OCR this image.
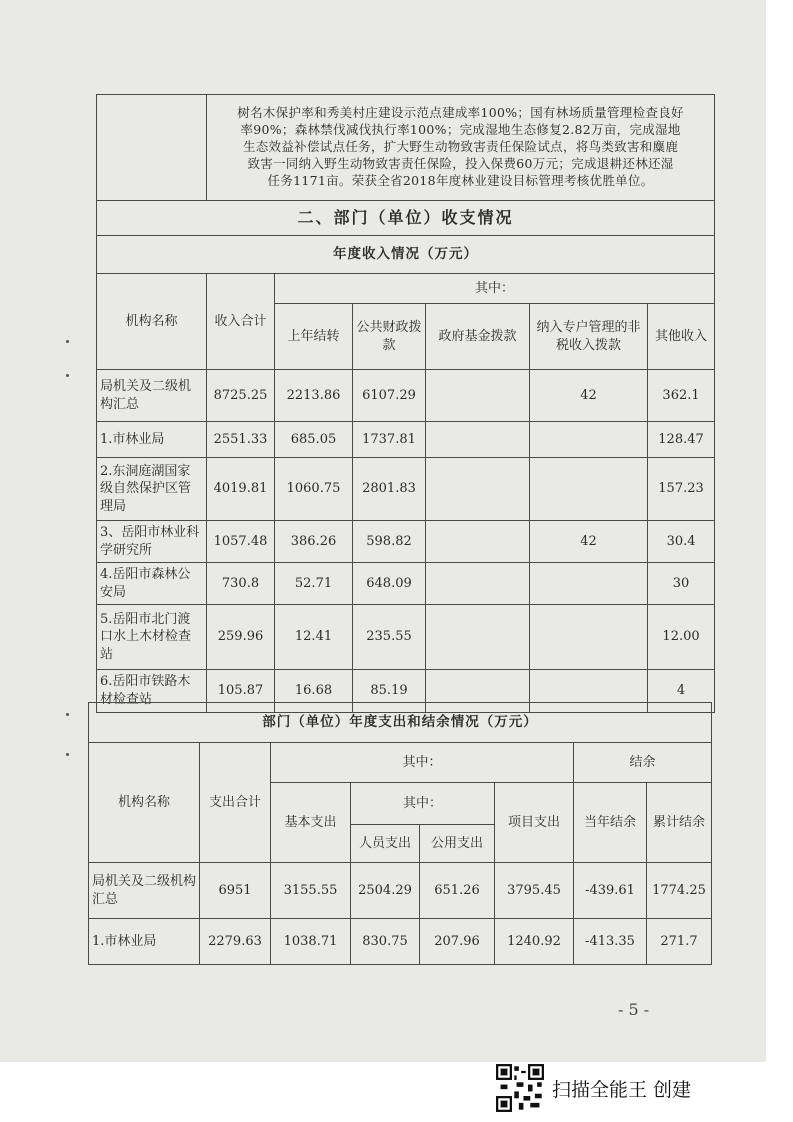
	树名木保护率和秀美村庄建设示范点建成率100%；国有林场质量管理检查良好
率90%；森林禁伐减伐执行率100%；完成湿地生态修复2.82万亩，完成湿地
生态效益补偿试点任务，扩大野生动物致害责任保险试点，将鸟类致害和麋鹿
致害一同纳入野生动物致害责任保险，投入保费60万元；完成退耕还林还湿
任务1171亩。荣获全省2018年度林业建设目标管理考核优胜单位。					

二、部门（单位）收支情况						
年度收入情况（万元）						
机构名称	收入合计	其中：				
		上年结转	公共财政拨款	政府基金拨款	纳入专户管理的非税收入拨款	其他收入
局机关及二级机构汇总	8725.25	2213.86	6107.29		42	362.1
1.市林业局	2551.33	685.05	1737.81			128.47
2.东洞庭湖国家级自然保护区管理局	4019.81	1060.75	2801.83			157.23
3、岳阳市林业科学研究所	1057.48	386.26	598.82		42	30.4
4.岳阳市森林公安局	730.8	52.71	648.09			30
5.岳阳市北门渡口水上木材检查站	259.96	12.41	235.55			12.00
6.岳阳市铁路木材检查站	105.87	16.68	85.19			4
部门（单位）年度支出和结余情况（万元）							
机构名称	支出合计	其中：				结余	
		基本支出	其中：		项目支出	当年结余	累计结余
			人员支出	公用支出			
局机关及二级机构汇总	6951	3155.55	2504.29	651.26	3795.45	-439.61	1774.25
1.市林业局	2279.63	1038.71	830.75	207.96	1240.92	-413.35	271.7
- 5 -
扫描全能王 创建
